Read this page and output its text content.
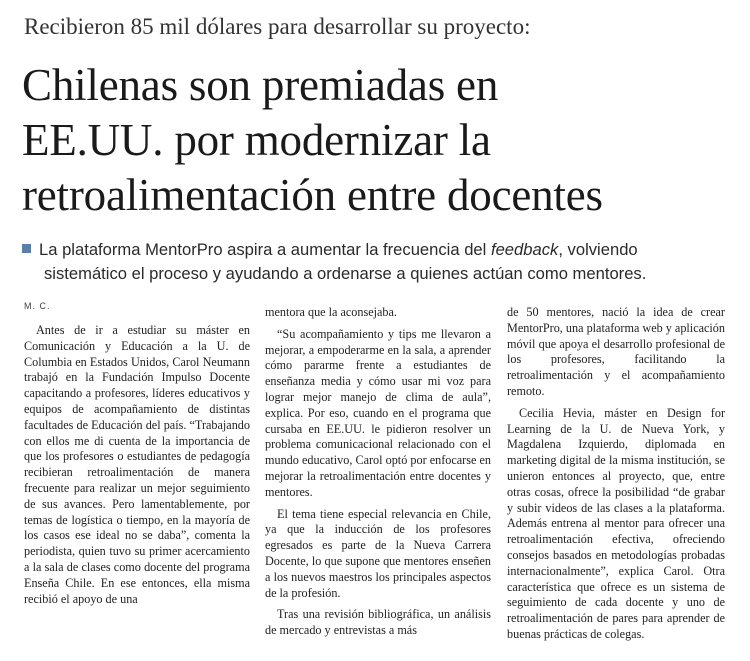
Recibieron 85 mil dólares para desarrollar su proyecto:
Chilenas son premiadas en
EE.UU. por modernizar la
retroalimentación entre docentes
La plataforma MentorPro aspira a aumentar la frecuencia del feedback, volviendo
sistemático el proceso y ayudando a ordenarse a quienes actúan como mentores.
M. C.

Antes de ir a estudiar su máster en Comunicación y Educación a la U. de Columbia en Estados Unidos, Carol Neumann trabajó en la Fundación Impulso Docente capacitando a profesores, líderes educativos y equipos de acompañamiento de distintas facultades de Educación del país. “Trabajando con ellos me di cuenta de la importancia de que los profesores o estudiantes de pedagogía recibieran retroalimentación de manera frecuente para realizar un mejor seguimiento de sus avances. Pero lamentablemente, por temas de logística o tiempo, en la mayoría de los casos ese ideal no se daba”, comenta la periodista, quien tuvo su primer acercamiento a la sala de clases como docente del programa Enseña Chile. En ese entonces, ella misma recibió el apoyo de una

mentora que la aconsejaba.

“Su acompañamiento y tips me llevaron a mejorar, a empoderarme en la sala, a aprender cómo pararme frente a estudiantes de enseñanza media y cómo usar mi voz para lograr mejor manejo de clima de aula”, explica. Por eso, cuando en el programa que cursaba en EE.UU. le pidieron resolver un problema comunicacional relacionado con el mundo educativo, Carol optó por enfocarse en mejorar la retroalimentación entre docentes y mentores.

El tema tiene especial relevancia en Chile, ya que la inducción de los profesores egresados es parte de la Nueva Carrera Docente, lo que supone que mentores enseñen a los nuevos maestros los principales aspectos de la profesión.

Tras una revisión bibliográfica, un análisis de mercado y entrevistas a más

de 50 mentores, nació la idea de crear MentorPro, una plataforma web y aplicación móvil que apoya el desarrollo profesional de los profesores, facilitando la retroalimentación y el acompañamiento remoto.

Cecilia Hevia, máster en Design for Learning de la U. de Nueva York, y Magdalena Izquierdo, diplomada en marketing digital de la misma institución, se unieron entonces al proyecto, que, entre otras cosas, ofrece la posibilidad “de grabar y subir videos de las clases a la plataforma. Además entrena al mentor para ofrecer una retroalimentación efectiva, ofreciendo consejos basados en metodologías probadas internacionalmente”, explica Carol. Otra característica que ofrece es un sistema de seguimiento de cada docente y uno de retroalimentación de pares para aprender de buenas prácticas de colegas.
